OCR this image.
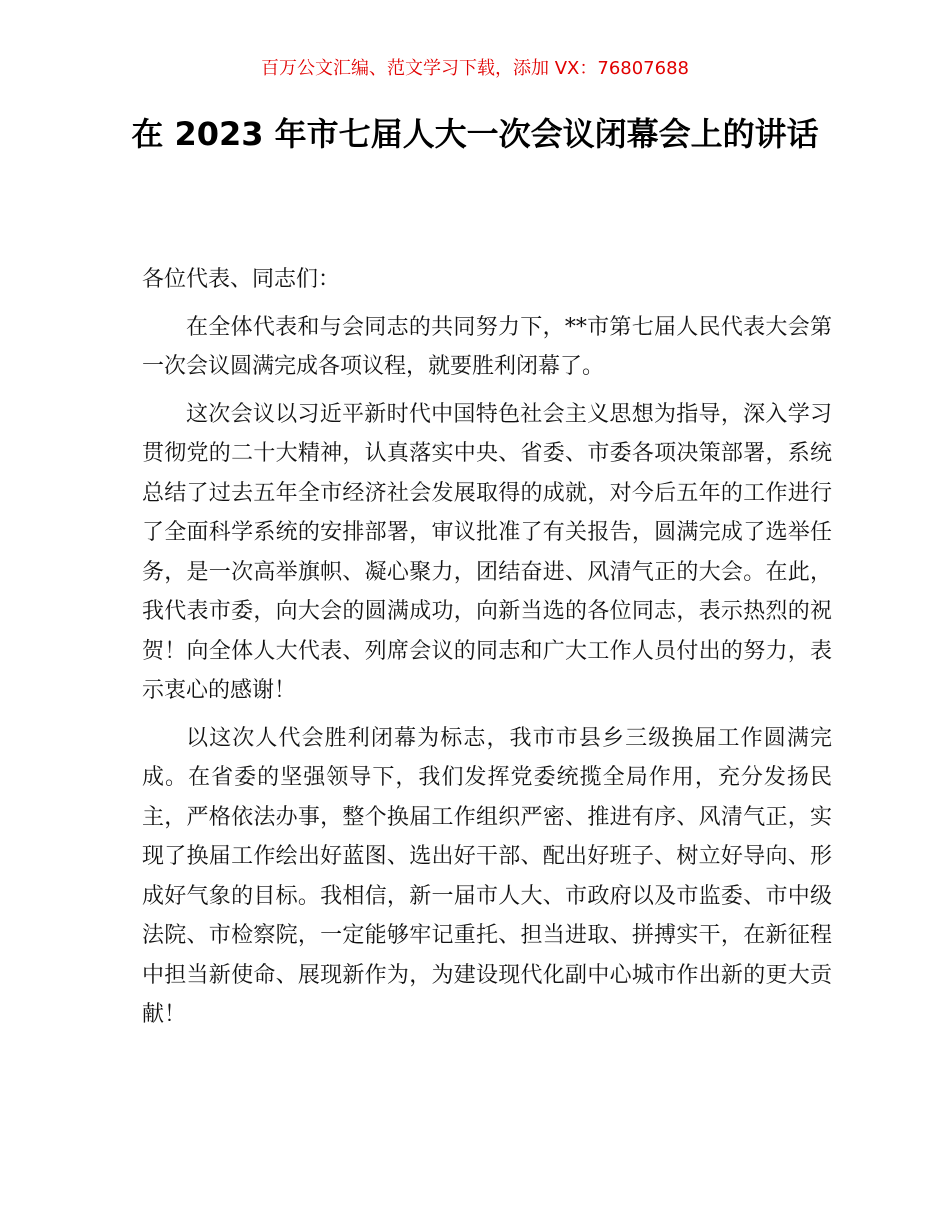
百万公文汇编、范文学习下载，添加 VX：76807688
在 2023 年市七届人大一次会议闭幕会上的讲话

各位代表、同志们：

在全体代表和与会同志的共同努力下，**市第七届人民代表大会第一次会议圆满完成各项议程，就要胜利闭幕了。

这次会议以习近平新时代中国特色社会主义思想为指导，深入学习贯彻党的二十大精神，认真落实中央、省委、市委各项决策部署，系统总结了过去五年全市经济社会发展取得的成就，对今后五年的工作进行了全面科学系统的安排部署，审议批准了有关报告，圆满完成了选举任务，是一次高举旗帜、凝心聚力，团结奋进、风清气正的大会。在此，我代表市委，向大会的圆满成功，向新当选的各位同志，表示热烈的祝贺！向全体人大代表、列席会议的同志和广大工作人员付出的努力，表示衷心的感谢！

以这次人代会胜利闭幕为标志，我市市县乡三级换届工作圆满完成。在省委的坚强领导下，我们发挥党委统揽全局作用，充分发扬民主，严格依法办事，整个换届工作组织严密、推进有序、风清气正，实现了换届工作绘出好蓝图、选出好干部、配出好班子、树立好导向、形成好气象的目标。我相信，新一届市人大、市政府以及市监委、市中级法院、市检察院，一定能够牢记重托、担当进取、拼搏实干，在新征程中担当新使命、展现新作为，为建设现代化副中心城市作出新的更大贡献！
